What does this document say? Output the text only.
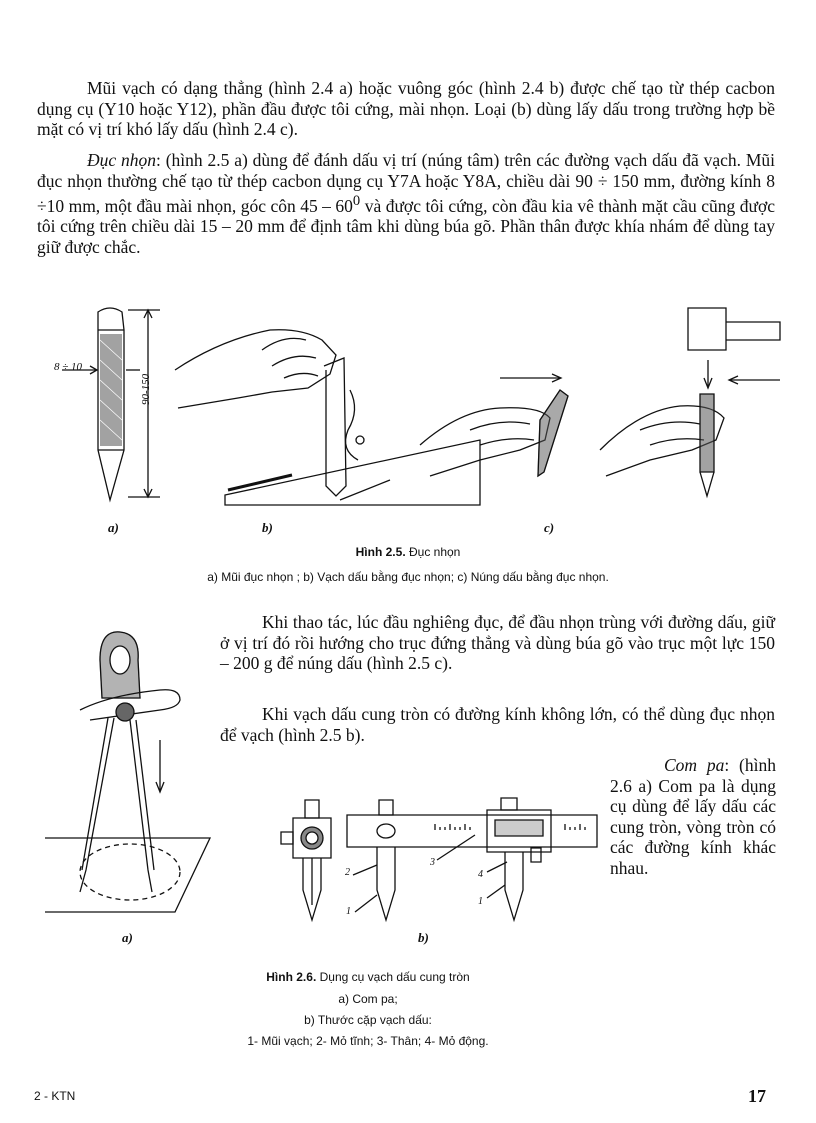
Mũi vạch có dạng thẳng (hình 2.4 a) hoặc vuông góc (hình 2.4 b) được chế tạo từ thép cacbon dụng cụ (Y10 hoặc Y12), phần đầu được tôi cứng, mài nhọn. Loại (b) dùng lấy dấu trong trường hợp bề mặt có vị trí khó lấy dấu (hình 2.4 c).

Đục nhọn: (hình 2.5 a) dùng để đánh dấu vị trí (núng tâm) trên các đường vạch dấu đã vạch. Mũi đục nhọn thường chế tạo từ thép cacbon dụng cụ Y7A hoặc Y8A, chiều dài 90 ÷ 150 mm, đường kính 8 ÷10 mm, một đầu mài nhọn, góc côn $45 - 60^0$ và được tôi cứng, còn đầu kia vê thành mặt cầu cũng được tôi cứng trên chiều dài 15 – 20 mm để định tâm khi dùng búa gõ. Phần thân được khía nhám để dùng tay giữ được chắc.

8 ÷ 10
90-150
a)	b)	c)
Hình 2.5. Đục nhọn
a) Mũi đục nhọn ; b) Vạch dấu bằng đục nhọn; c) Núng dấu bằng đục nhọn.

Khi thao tác, lúc đầu nghiêng đục, để đầu nhọn trùng với đường dấu, giữ ở vị trí đó rồi hướng cho trục đứng thẳng và dùng búa gõ vào trục một lực 150 – 200 g để núng dấu (hình 2.5 c).

Khi vạch dấu cung tròn có đường kính không lớn, có thể dùng đục nhọn để vạch (hình 2.5 b).

Com pa: (hình 2.6 a) Com pa là dụng cụ dùng để lấy dấu các cung tròn, vòng tròn có các đường kính khác nhau.

a)
1
2
3
4
1
b)
Hình 2.6. Dụng cụ vạch dấu cung tròn
a) Com pa;
b) Thước cặp vạch dấu:
1- Mũi vạch; 2- Mỏ tĩnh; 3- Thân; 4- Mỏ động.
2 - KTN	17
